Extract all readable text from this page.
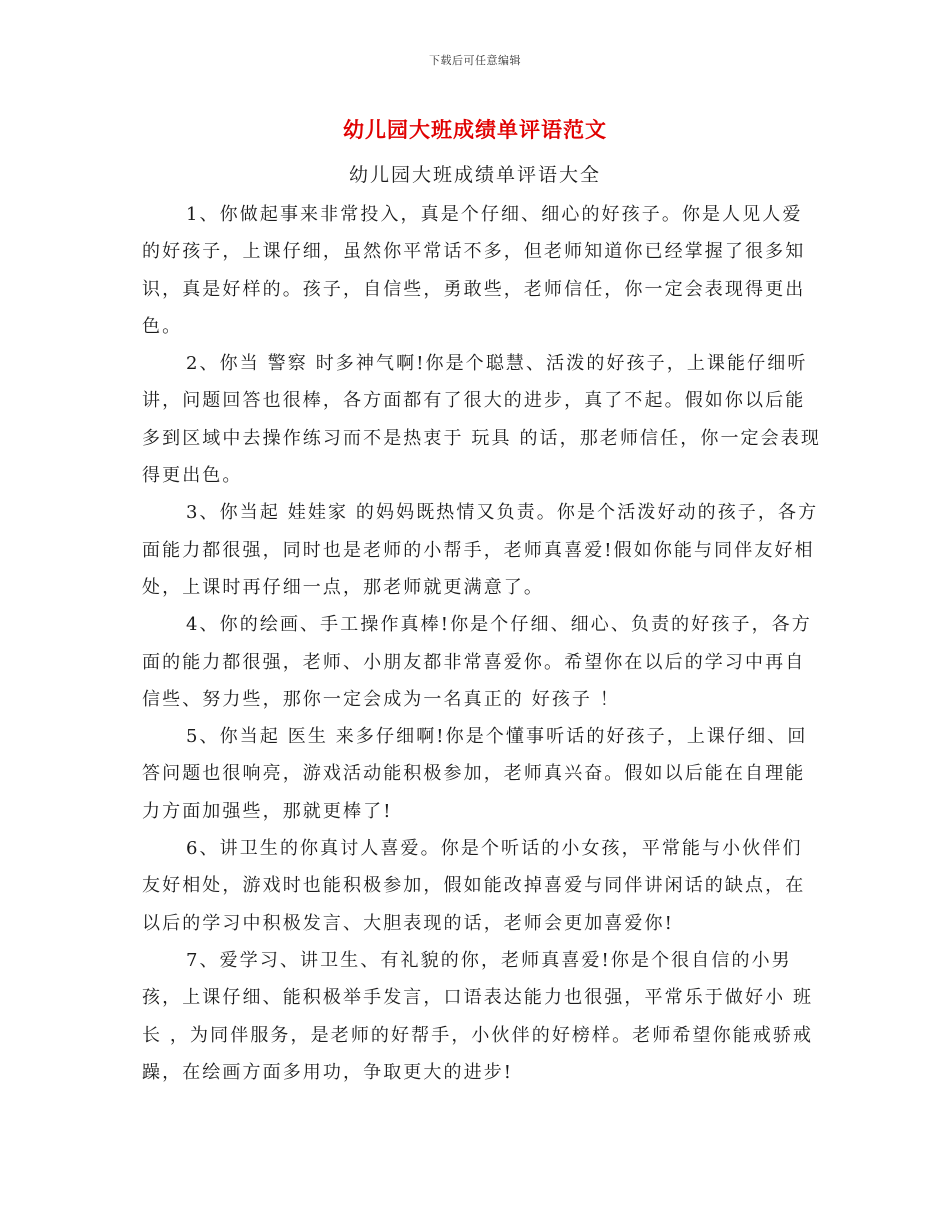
下载后可任意编辑
幼儿园大班成绩单评语范文
幼儿园大班成绩单评语大全

1、你做起事来非常投入，真是个仔细、细心的好孩子。你是人见人爱的好孩子，上课仔细，虽然你平常话不多，但老师知道你已经掌握了很多知识，真是好样的。孩子，自信些，勇敢些，老师信任，你一定会表现得更出色。

2、你当 警察 时多神气啊!你是个聪慧、活泼的好孩子，上课能仔细听讲，问题回答也很棒，各方面都有了很大的进步，真了不起。假如你以后能多到区域中去操作练习而不是热衷于 玩具 的话，那老师信任，你一定会表现得更出色。

3、你当起 娃娃家 的妈妈既热情又负责。你是个活泼好动的孩子，各方面能力都很强，同时也是老师的小帮手，老师真喜爱!假如你能与同伴友好相处，上课时再仔细一点，那老师就更满意了。

4、你的绘画、手工操作真棒!你是个仔细、细心、负责的好孩子，各方面的能力都很强，老师、小朋友都非常喜爱你。希望你在以后的学习中再自信些、努力些，那你一定会成为一名真正的 好孩子 ！

5、你当起 医生 来多仔细啊!你是个懂事听话的好孩子，上课仔细、回答问题也很响亮，游戏活动能积极参加，老师真兴奋。假如以后能在自理能力方面加强些，那就更棒了!

6、讲卫生的你真讨人喜爱。你是个听话的小女孩，平常能与小伙伴们友好相处，游戏时也能积极参加，假如能改掉喜爱与同伴讲闲话的缺点，在以后的学习中积极发言、大胆表现的话，老师会更加喜爱你!

7、爱学习、讲卫生、有礼貌的你，老师真喜爱!你是个很自信的小男孩，上课仔细、能积极举手发言，口语表达能力也很强，平常乐于做好小 班长 ，为同伴服务，是老师的好帮手，小伙伴的好榜样。老师希望你能戒骄戒躁，在绘画方面多用功，争取更大的进步!
